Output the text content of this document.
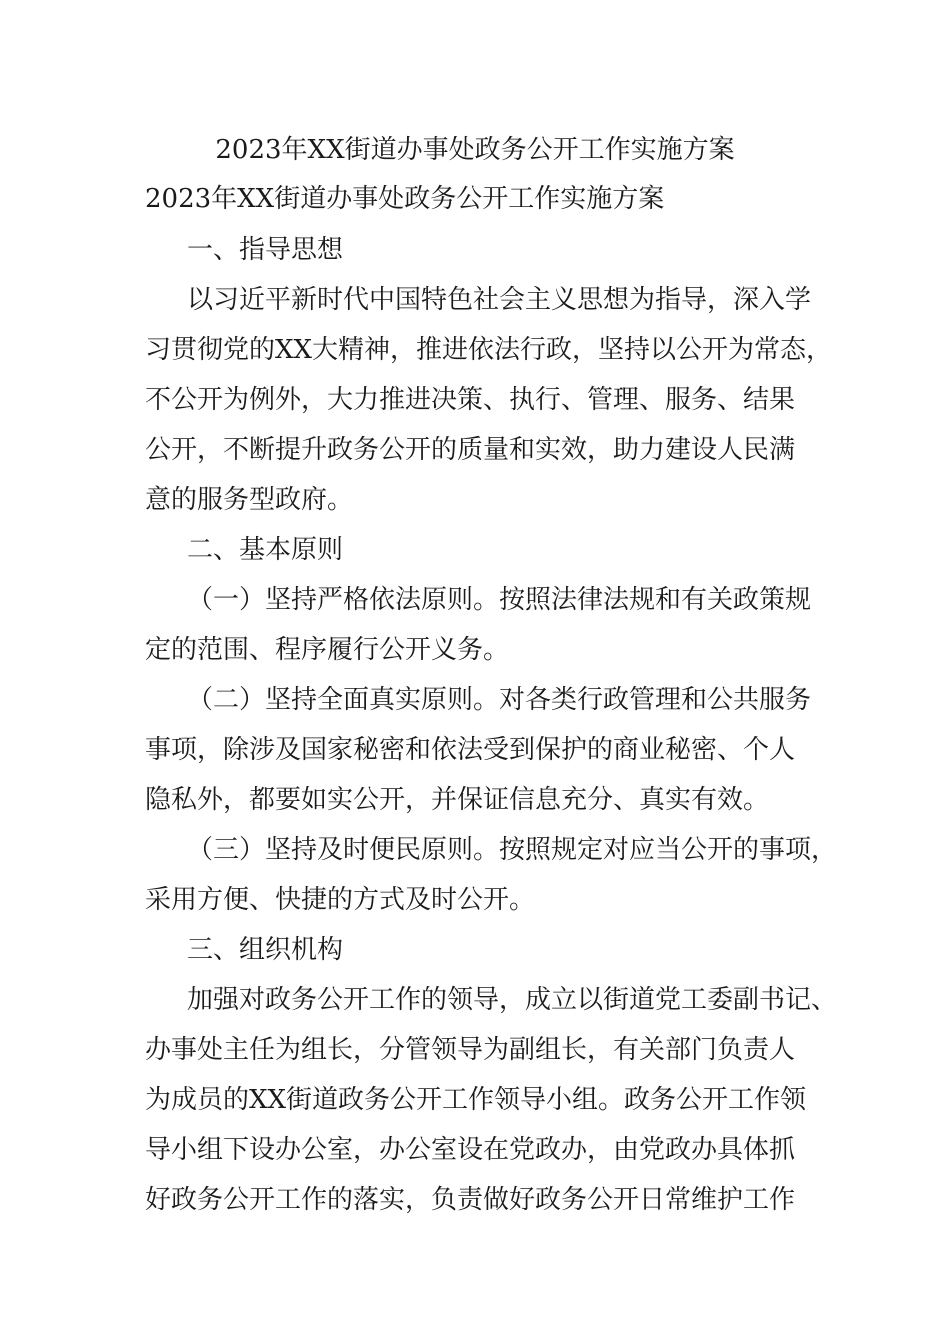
2023年XX街道办事处政务公开工作实施方案
2023年XX街道办事处政务公开工作实施方案
一、指导思想
以习近平新时代中国特色社会主义思想为指导，深入学
习贯彻党的XX大精神，推进依法行政，坚持以公开为常态，
不公开为例外，大力推进决策、执行、管理、服务、结果
公开，不断提升政务公开的质量和实效，助力建设人民满
意的服务型政府。
二、基本原则
（一）坚持严格依法原则。按照法律法规和有关政策规
定的范围、程序履行公开义务。
（二）坚持全面真实原则。对各类行政管理和公共服务
事项，除涉及国家秘密和依法受到保护的商业秘密、个人
隐私外，都要如实公开，并保证信息充分、真实有效。
（三）坚持及时便民原则。按照规定对应当公开的事项，
采用方便、快捷的方式及时公开。
三、组织机构
加强对政务公开工作的领导，成立以街道党工委副书记、
办事处主任为组长，分管领导为副组长，有关部门负责人
为成员的XX街道政务公开工作领导小组。政务公开工作领
导小组下设办公室，办公室设在党政办，由党政办具体抓
好政务公开工作的落实，负责做好政务公开日常维护工作
